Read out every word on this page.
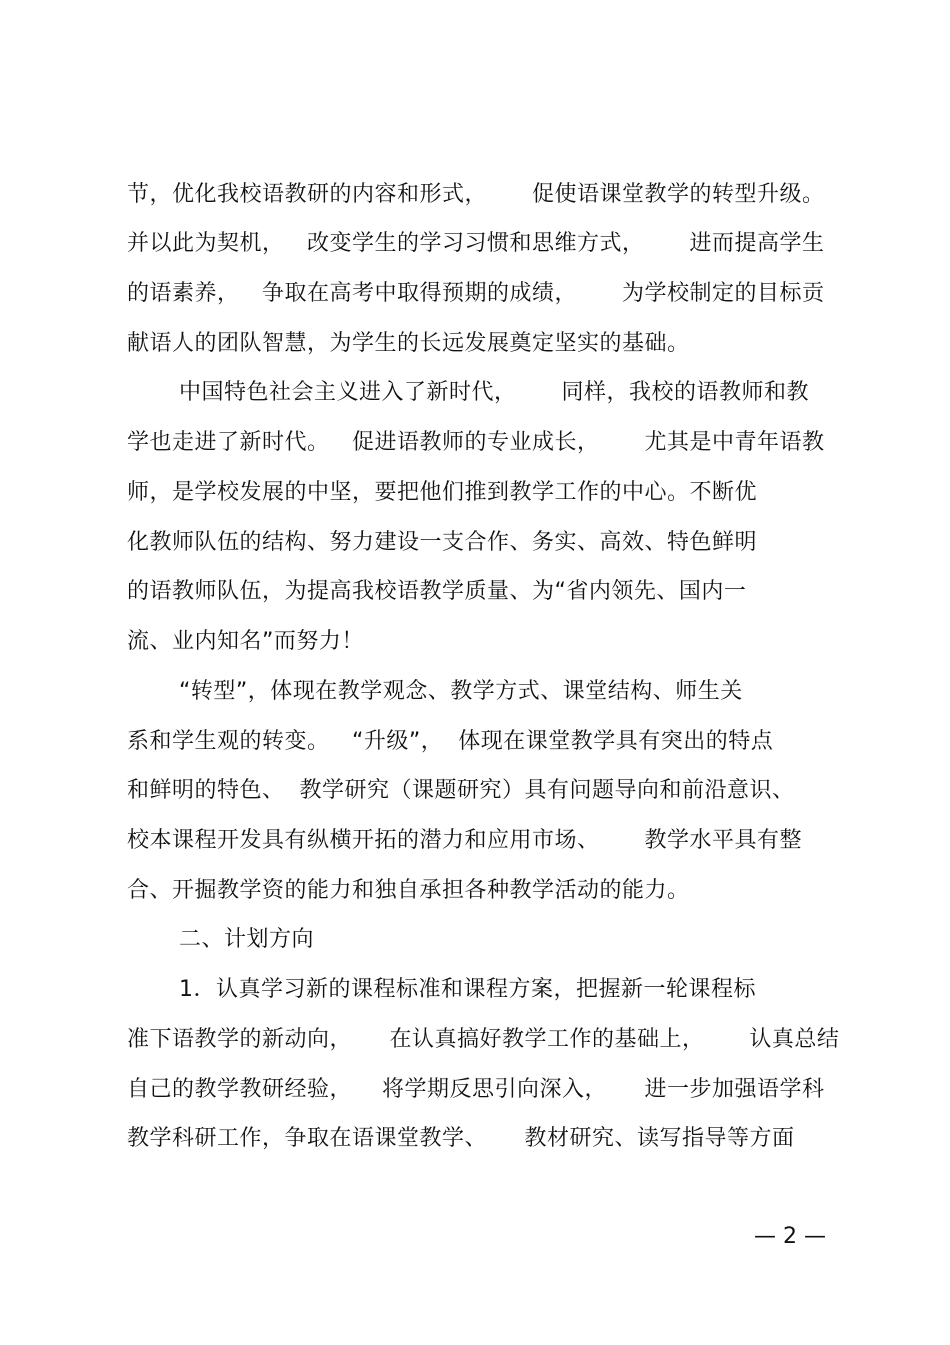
节，优化我校语教研的内容和形式，      促使语课堂教学的转型升级。
并以此为契机，   改变学生的学习习惯和思维方式，      进而提高学生
的语素养，   争取在高考中取得预期的成绩，      为学校制定的目标贡
献语人的团队智慧，为学生的长远发展奠定坚实的基础。
中国特色社会主义进入了新时代，      同样，我校的语教师和教
学也走进了新时代。   促进语教师的专业成长，      尤其是中青年语教
师，是学校发展的中坚，要把他们推到教学工作的中心。不断优
化教师队伍的结构、努力建设一支合作、务实、高效、特色鲜明
的语教师队伍，为提高我校语教学质量、为“省内领先、国内一
流、业内知名”而努力！
“转型”，体现在教学观念、教学方式、课堂结构、师生关
系和学生观的转变。   “升级”，  体现在课堂教学具有突出的特点
和鲜明的特色、  教学研究（课题研究）具有问题导向和前沿意识、
校本课程开发具有纵横开拓的潜力和应用市场、      教学水平具有整
合、开掘教学资的能力和独自承担各种教学活动的能力。
二、计划方向
1．认真学习新的课程标准和课程方案，把握新一轮课程标
准下语教学的新动向，     在认真搞好教学工作的基础上，      认真总结
自己的教学教研经验，    将学期反思引向深入，     进一步加强语学科
教学科研工作，争取在语课堂教学、     教材研究、读写指导等方面
— 2 —
